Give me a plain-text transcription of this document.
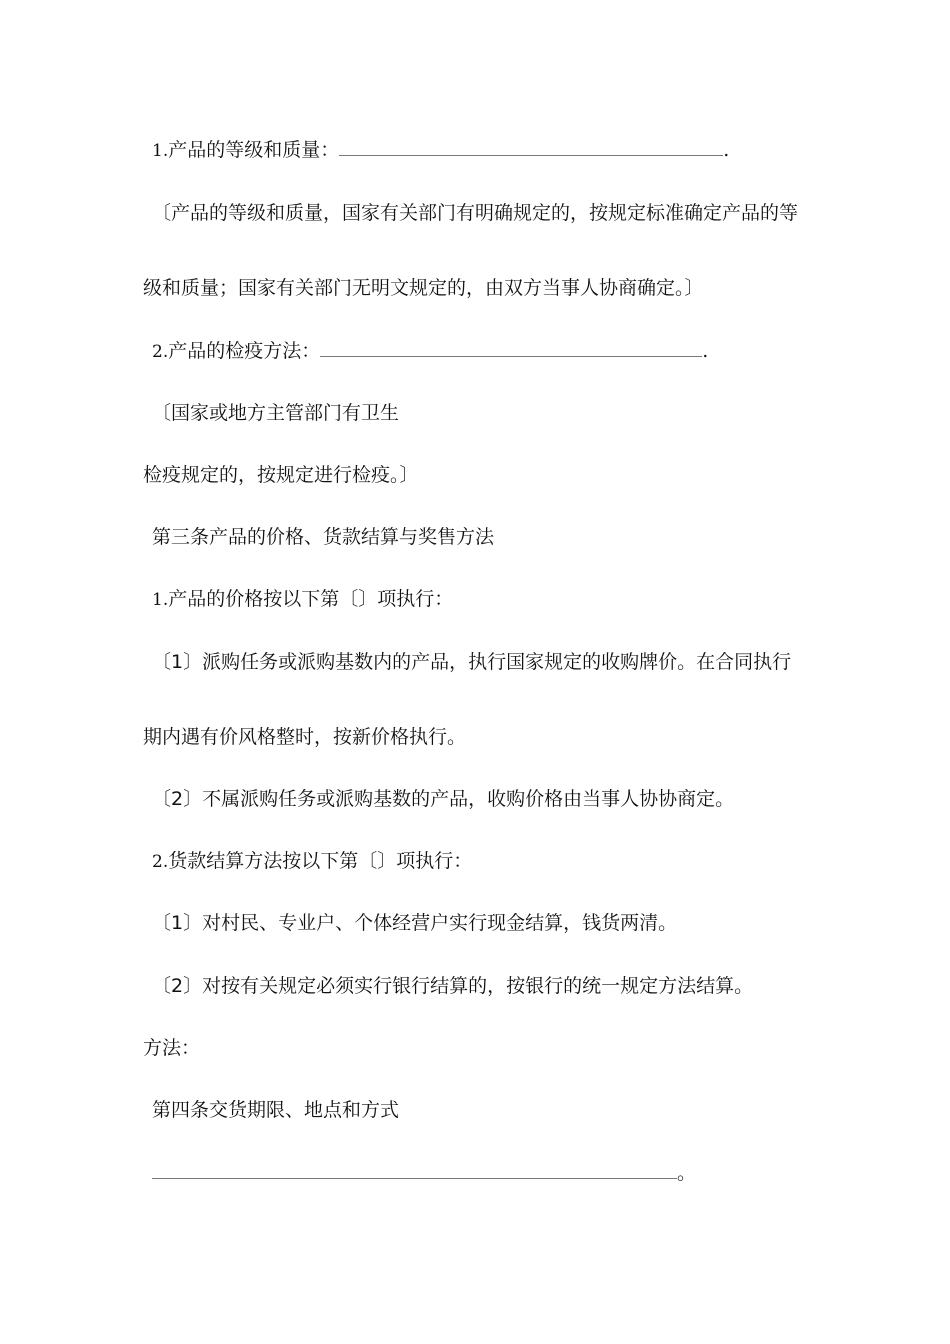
1.产品的等级和质量：	.
〔产品的等级和质量，国家有关部门有明确规定的，按规定标准确定产品的等
级和质量；国家有关部门无明文规定的，由双方当事人协商确定。〕
2.产品的检疫方法：	.
〔国家或地方主管部门有卫生
检疫规定的，按规定进行检疫。〕
第三条产品的价格、货款结算与奖售方法
1.产品的价格按以下第〔〕项执行：
〔1〕派购任务或派购基数内的产品，执行国家规定的收购牌价。在合同执行
期内遇有价风格整时，按新价格执行。
〔2〕不属派购任务或派购基数的产品，收购价格由当事人协协商定。
2.货款结算方法按以下第〔〕项执行：
〔1〕对村民、专业户、个体经营户实行现金结算，钱货两清。
〔2〕对按有关规定必须实行银行结算的，按银行的统一规定方法结算。
方法：
第四条交货期限、地点和方式
。
